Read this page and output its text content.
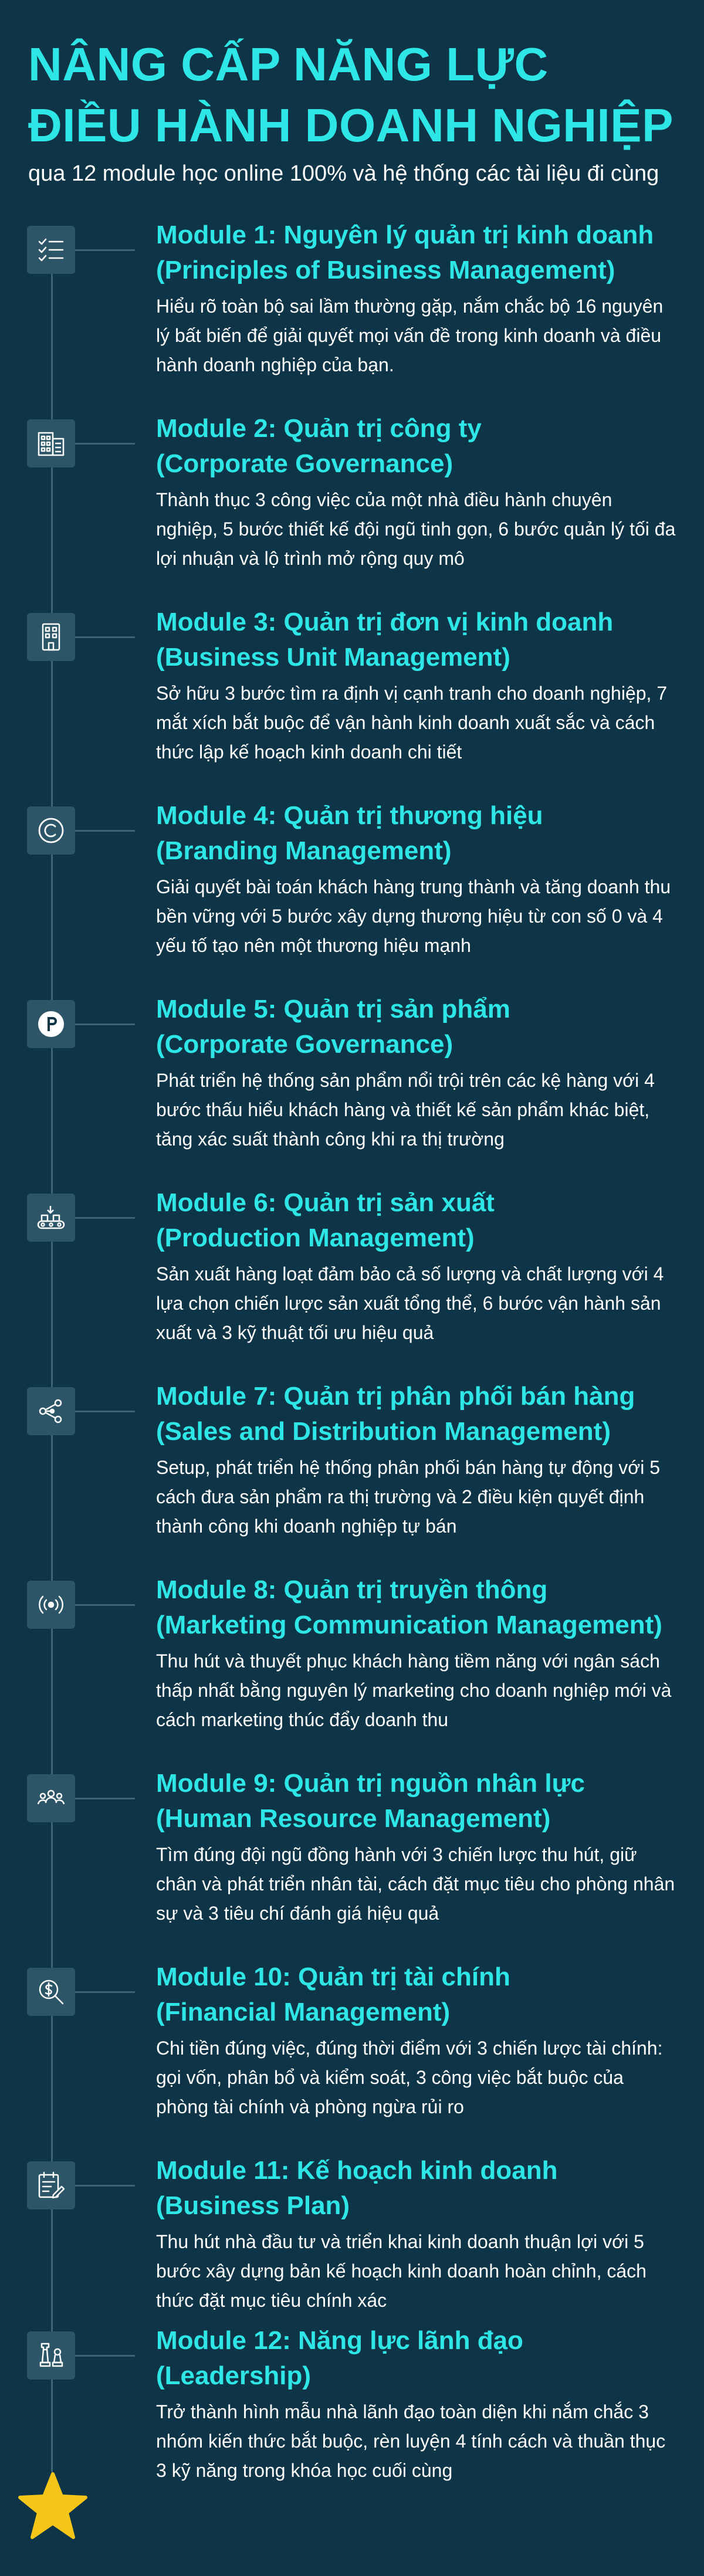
NÂNG CẤP NĂNG LỰC
ĐIỀU HÀNH DOANH NGHIỆP
qua 12 module học online 100% và hệ thống các tài liệu đi cùng
Module 1: Nguyên lý quản trị kinh doanh
(Principles of Business Management)
Hiểu rõ toàn bộ sai lầm thường gặp, nắm chắc bộ 16 nguyên lý bất biến để giải quyết mọi vấn đề trong kinh doanh và điều hành doanh nghiệp của bạn.
Module 2: Quản trị công ty
(Corporate Governance)
Thành thục 3 công việc của một nhà điều hành chuyên nghiệp, 5 bước thiết kế đội ngũ tinh gọn, 6 bước quản lý tối đa lợi nhuận và lộ trình mở rộng quy mô
Module 3: Quản trị đơn vị kinh doanh
(Business Unit Management)
Sở hữu 3 bước tìm ra định vị cạnh tranh cho doanh nghiệp, 7 mắt xích bắt buộc để vận hành kinh doanh xuất sắc và cách thức lập kế hoạch kinh doanh chi tiết
Module 4: Quản trị thương hiệu
(Branding Management)
Giải quyết bài toán khách hàng trung thành và tăng doanh thu bền vững với 5 bước xây dựng thương hiệu từ con số 0 và 4 yếu tố tạo nên một thương hiệu mạnh
Module 5: Quản trị sản phẩm
(Corporate Governance)
Phát triển hệ thống sản phẩm nổi trội trên các kệ hàng với 4 bước thấu hiểu khách hàng và thiết kế sản phẩm khác biệt, tăng xác suất thành công khi ra thị trường
Module 6: Quản trị sản xuất
(Production Management)
Sản xuất hàng loạt đảm bảo cả số lượng và chất lượng với 4 lựa chọn chiến lược sản xuất tổng thể, 6 bước vận hành sản xuất và 3 kỹ thuật tối ưu hiệu quả
Module 7: Quản trị phân phối bán hàng
(Sales and Distribution Management)
Setup, phát triển hệ thống phân phối bán hàng tự động với 5 cách đưa sản phẩm ra thị trường và 2 điều kiện quyết định thành công khi doanh nghiệp tự bán
Module 8: Quản trị truyền thông
(Marketing Communication Management)
Thu hút và thuyết phục khách hàng tiềm năng với ngân sách thấp nhất bằng nguyên lý marketing cho doanh nghiệp mới và cách marketing thúc đẩy doanh thu
Module 9: Quản trị nguồn nhân lực
(Human Resource Management)
Tìm đúng đội ngũ đồng hành với 3 chiến lược thu hút, giữ chân và phát triển nhân tài, cách đặt mục tiêu cho phòng nhân sự và 3 tiêu chí đánh giá hiệu quả
Module 10: Quản trị tài chính
(Financial Management)
Chi tiền đúng việc, đúng thời điểm với 3 chiến lược tài chính: gọi vốn, phân bổ và kiểm soát, 3 công việc bắt buộc của phòng tài chính và phòng ngừa rủi ro
Module 11: Kế hoạch kinh doanh
(Business Plan)
Thu hút nhà đầu tư và triển khai kinh doanh thuận lợi với 5 bước xây dựng bản kế hoạch kinh doanh hoàn chỉnh, cách thức đặt mục tiêu chính xác
Module 12: Năng lực lãnh đạo
(Leadership)
Trở thành hình mẫu nhà lãnh đạo toàn diện khi nắm chắc 3 nhóm kiến thức bắt buộc, rèn luyện 4 tính cách và thuần thục 3 kỹ năng trong khóa học cuối cùng
